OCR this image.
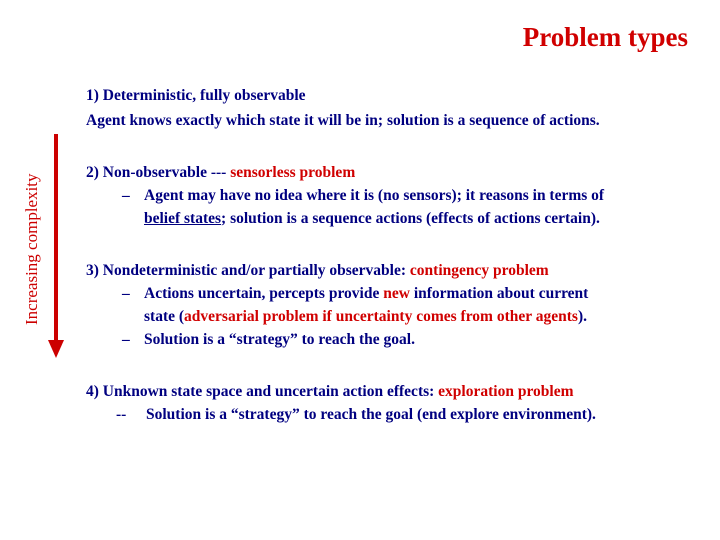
Problem types
Increasing complexity

1) Deterministic, fully observable

Agent knows exactly which state it will be in; solution is a sequence of actions.

2) Non-observable --- sensorless problem

– Agent may have no idea where it is (no sensors); it reasons in terms of
belief states; solution is a sequence actions (effects of actions certain).

3) Nondeterministic and/or partially observable: contingency problem

– Actions uncertain, percepts provide new information about current
state (adversarial problem if uncertainty comes from other agents).
– Solution is a “strategy” to reach the goal.

4) Unknown state space and uncertain action effects: exploration problem

-- Solution is a “strategy” to reach the goal (end explore environment).
